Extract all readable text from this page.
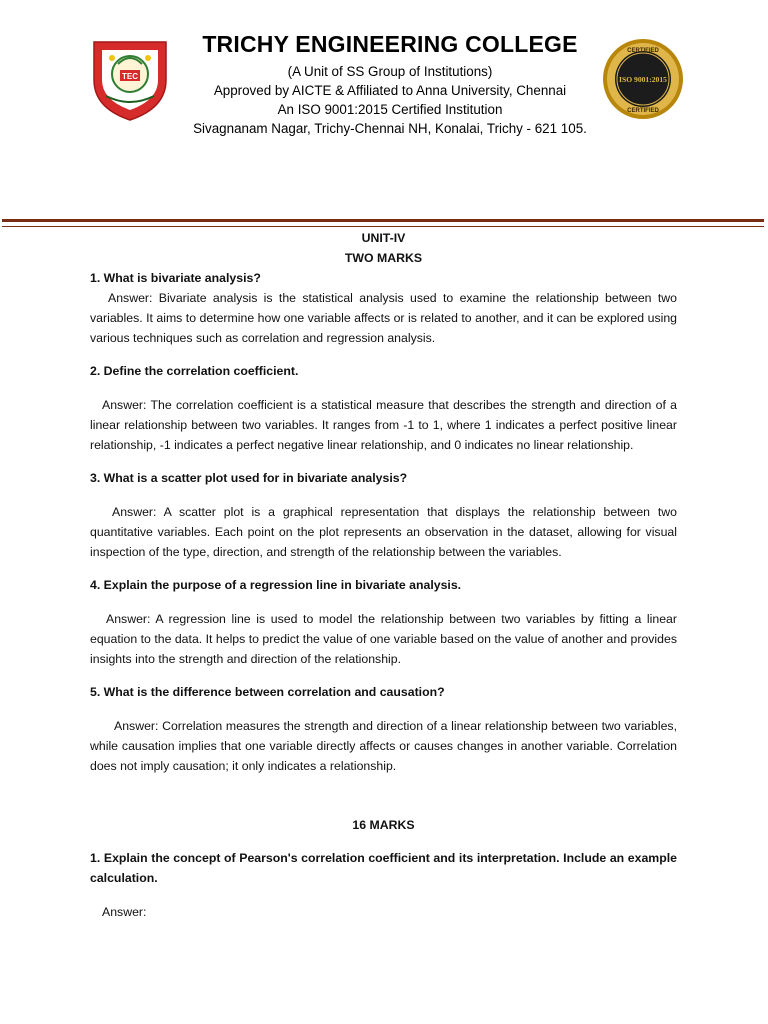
TEC
TRICHY ENGINEERING COLLEGE
(A Unit of SS Group of Institutions)
Approved by AICTE & Affiliated to Anna University, Chennai
An ISO 9001:2015 Certified Institution
Sivagnanam Nagar, Trichy-Chennai NH, Konalai, Trichy - 621 105.
CERTIFIED
ISO 9001:2015
CERTIFIED

UNIT-IV

TWO MARKS

1. What is bivariate analysis?

Answer: Bivariate analysis is the statistical analysis used to examine the relationship between two variables. It aims to determine how one variable affects or is related to another, and it can be explored using various techniques such as correlation and regression analysis.

2. Define the correlation coefficient.

Answer: The correlation coefficient is a statistical measure that describes the strength and direction of a linear relationship between two variables. It ranges from -1 to 1, where 1 indicates a perfect positive linear relationship, -1 indicates a perfect negative linear relationship, and 0 indicates no linear relationship.

3. What is a scatter plot used for in bivariate analysis?

Answer: A scatter plot is a graphical representation that displays the relationship between two quantitative variables. Each point on the plot represents an observation in the dataset, allowing for visual inspection of the type, direction, and strength of the relationship between the variables.

4. Explain the purpose of a regression line in bivariate analysis.

Answer: A regression line is used to model the relationship between two variables by fitting a linear equation to the data. It helps to predict the value of one variable based on the value of another and provides insights into the strength and direction of the relationship.

5. What is the difference between correlation and causation?

Answer: Correlation measures the strength and direction of a linear relationship between two variables, while causation implies that one variable directly affects or causes changes in another variable. Correlation does not imply causation; it only indicates a relationship.

16 MARKS

1. Explain the concept of Pearson's correlation coefficient and its interpretation. Include an example calculation.

Answer:
